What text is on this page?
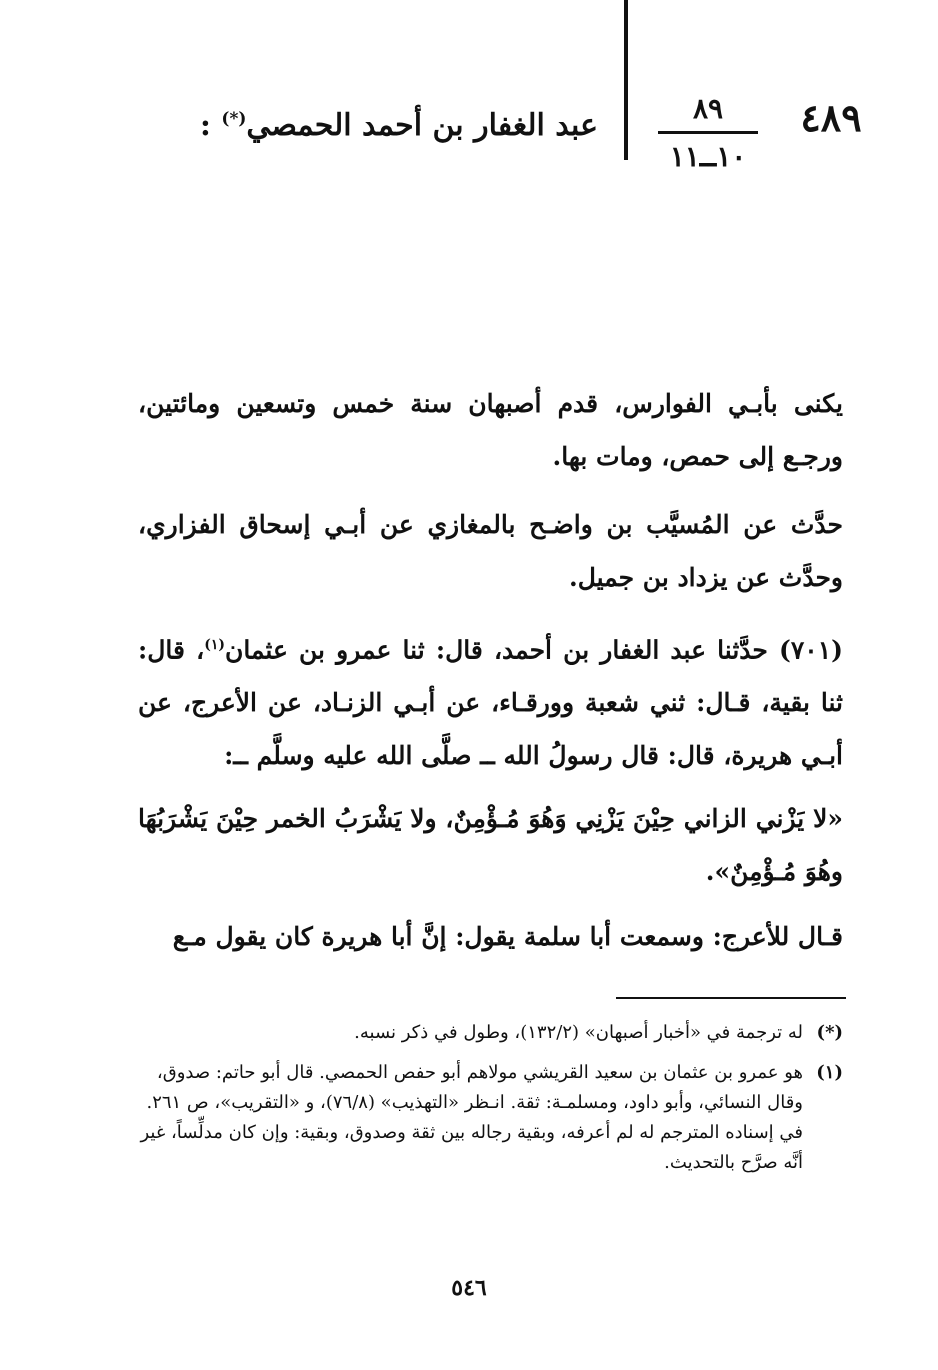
٤٨٩
٨٩
١٠ــ١١
عبد الغفار بن أحمد الحمصي(*) :
يكنى بأبـي الفوارس، قدم أصبهان سنة خمس وتسعين ومائتين، ورجـع إلى حمص، ومات بها.
حدَّث عن المُسيَّب بن واضـح بالمغازي عن أبـي إسحاق الفزاري، وحدَّث عن يزداد بن جميل.
(٧٠١) حدَّثنا عبد الغفار بن أحمد، قال: ثنا عمرو بن عثمان$^{(١)}$، قال: ثنا بقية، قـال: ثني شعبة وورقـاء، عن أبـي الزنـاد، عن الأعرج، عن أبـي هريرة، قال: قال رسولُ الله ــ صلَّى الله عليه وسلَّم ــ:
«لا يَزْني الزاني حِيْنَ يَزْنِي وَهُوَ مُـؤْمِنٌ، ولا يَشْرَبُ الخمر حِيْنَ يَشْرَبُهَا وهُوَ مُـؤْمِنٌ».
قـال للأعرج: وسمعت أبا سلمة يقول: إنَّ أبا هريرة كان يقول مـع
(*)له ترجمة في «أخبار أصبهان» (١٣٢/٢)، وطول في ذكر نسبه.
(١)
هو عمرو بن عثمان بن سعيد القريشي مولاهم أبو حفص الحمصي. قال أبو حاتم: صدوق، وقال النسائي، وأبو داود، ومسلمـة: ثقة. انـظر «التهذيب» (٧٦/٨)، و «التقريب»، ص ٢٦١.
في إسناده المترجم له لم أعرفه، وبقية رجاله بين ثقة وصدوق، وبقية: وإن كان مدلِّساً، غير أنَّه صرَّح بالتحديث.
٥٤٦
